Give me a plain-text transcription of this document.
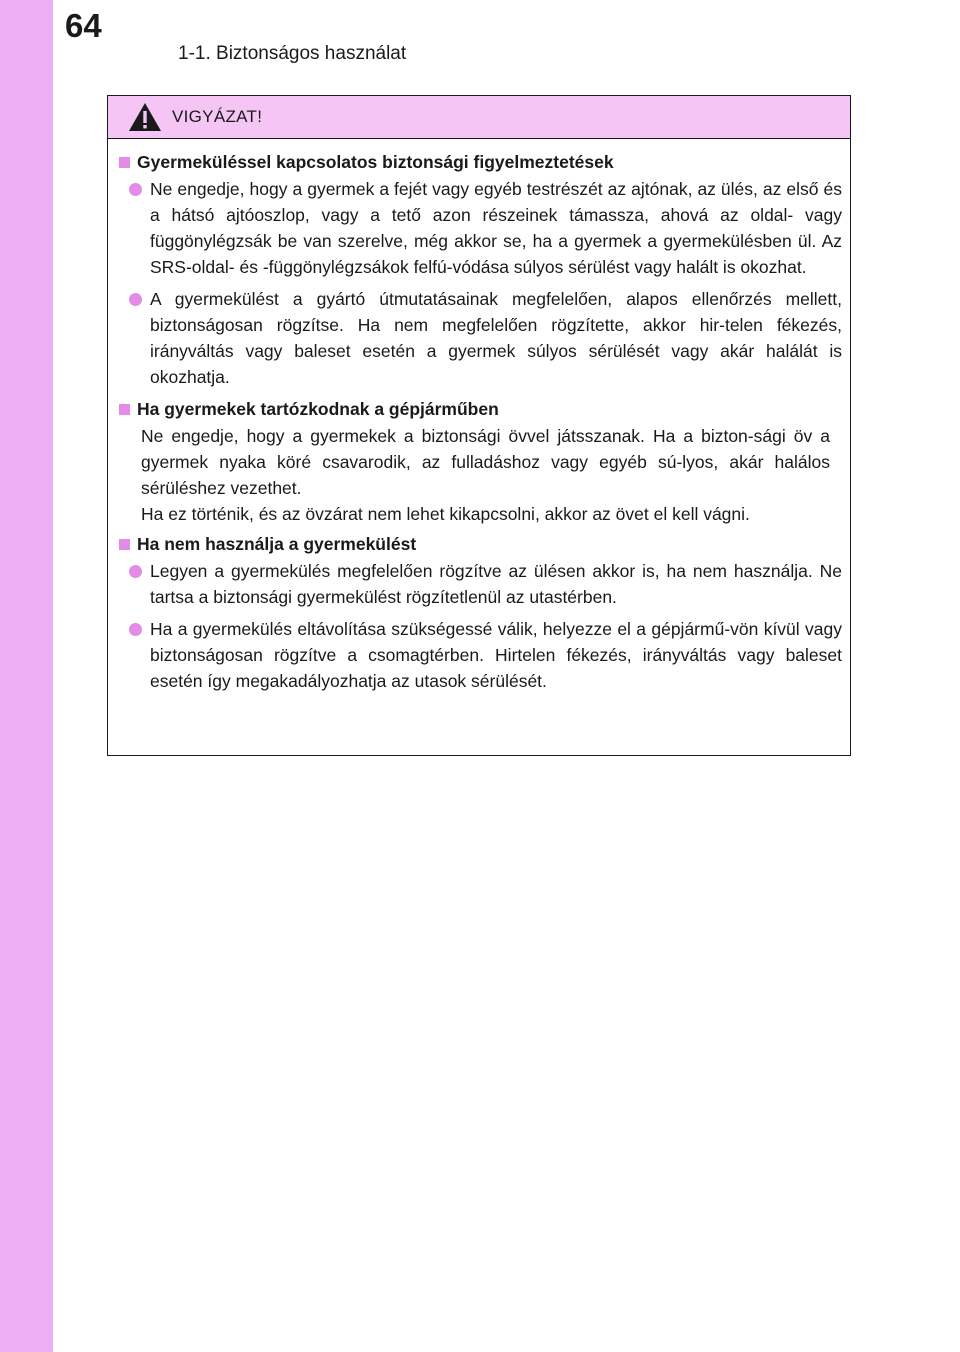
64
1-1. Biztonságos használat
VIGYÁZAT!
Gyermeküléssel kapcsolatos biztonsági figyelmeztetések
Ne engedje, hogy a gyermek a fejét vagy egyéb testrészét az ajtónak, az ülés, az első és a hátsó ajtóoszlop, vagy a tető azon részeinek támassza, ahová az oldal- vagy függönylégzsák be van szerelve, még akkor se, ha a gyermek a gyermekülésben ül. Az SRS-oldal- és -függönylégzsákok felfú-vódása súlyos sérülést vagy halált is okozhat.
A gyermekülést a gyártó útmutatásainak megfelelően, alapos ellenőrzés mellett, biztonságosan rögzítse. Ha nem megfelelően rögzítette, akkor hir-telen fékezés, irányváltás vagy baleset esetén a gyermek súlyos sérülését vagy akár halálát is okozhatja.
Ha gyermekek tartózkodnak a gépjárműben
Ne engedje, hogy a gyermekek a biztonsági övvel játsszanak. Ha a bizton-sági öv a gyermek nyaka köré csavarodik, az fulladáshoz vagy egyéb sú-lyos, akár halálos sérüléshez vezethet.
Ha ez történik, és az övzárat nem lehet kikapcsolni, akkor az övet el kell vágni.
Ha nem használja a gyermekülést
Legyen a gyermekülés megfelelően rögzítve az ülésen akkor is, ha nem használja. Ne tartsa a biztonsági gyermekülést rögzítetlenül az utastérben.
Ha a gyermekülés eltávolítása szükségessé válik, helyezze el a gépjármű-vön kívül vagy biztonságosan rögzítve a csomagtérben. Hirtelen fékezés, irányváltás vagy baleset esetén így megakadályozhatja az utasok sérülését.
